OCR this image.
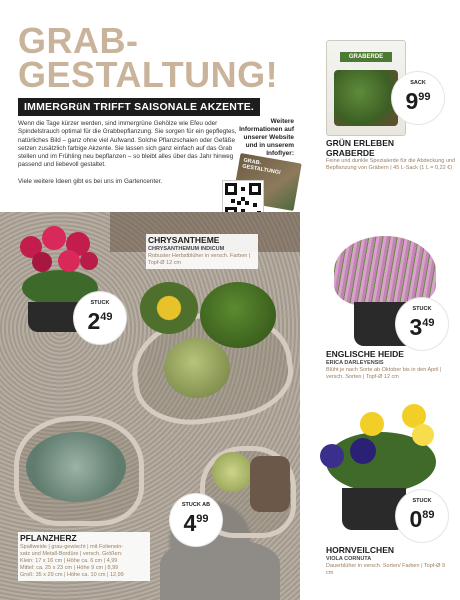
GRAB-
GESTALTUNG!
IMMERGRüN TRIFFT SAISONALE AKZENTE.

Wenn die Tage kürzer werden, sind immergrüne Gehölze wie Efeu oder Spindelstrauch optimal für die Grabbepflanzung. Sie sorgen für ein gepflegtes, natürliches Bild – ganz ohne viel Aufwand. Solche Pflanzschalen oder Gefäße setzen zusätzlich farbige Akzente. Sie lassen sich ganz einfach auf das Grab stellen und im Frühling neu bepflanzen – so bleibt alles über das Jahr hinweg passend und liebevoll gestaltet.

Viele weitere Ideen gibt es bei uns im Gartencenter.

Weitere Informationen auf unserer Website und in unserem Infoflyer:
GRAB-GESTALTUNG!
GRABERDE
SACK
$9^{99}$
GRÜN ERLEBEN
GRABERDE
Feine und dunkle Spezialerde für die Abdeckung und Bepflanzung von Gräbern | 45 L-Sack (1 L = 0,22 €)
STUCK
$2^{49}$
CHRYSANTHEME
CHRYSANTHEMUM INDICUM
Robuster Herbstblüher in versch. Farben | Topf-Ø 12 cm
STUCK AB
$4^{99}$
PFLANZHERZ
Spaltweide | grau-gewischt | mit Folienein-
satz und Metall-Bordüre | versch. Größen:
Klein: 17 x 16 cm | Höhe ca. 6 cm | 4,99
Mittel: ca. 25 x 23 cm | Höhe 9 cm | 8,99
Groß: 35 x 29 cm | Höhe ca. 10 cm | 12,99
STUCK
$3^{49}$
ENGLISCHE HEIDE
ERICA DARLEYENSIS
Blüht je nach Sorte ab Oktober bis in den April | versch. Sorten | Topf-Ø 12 cm
STUCK
$0^{89}$
HORNVEILCHEN
VIOLA CORNUTA
Dauerblüher in versch. Sorten/ Farben | Topf-Ø 9 cm
